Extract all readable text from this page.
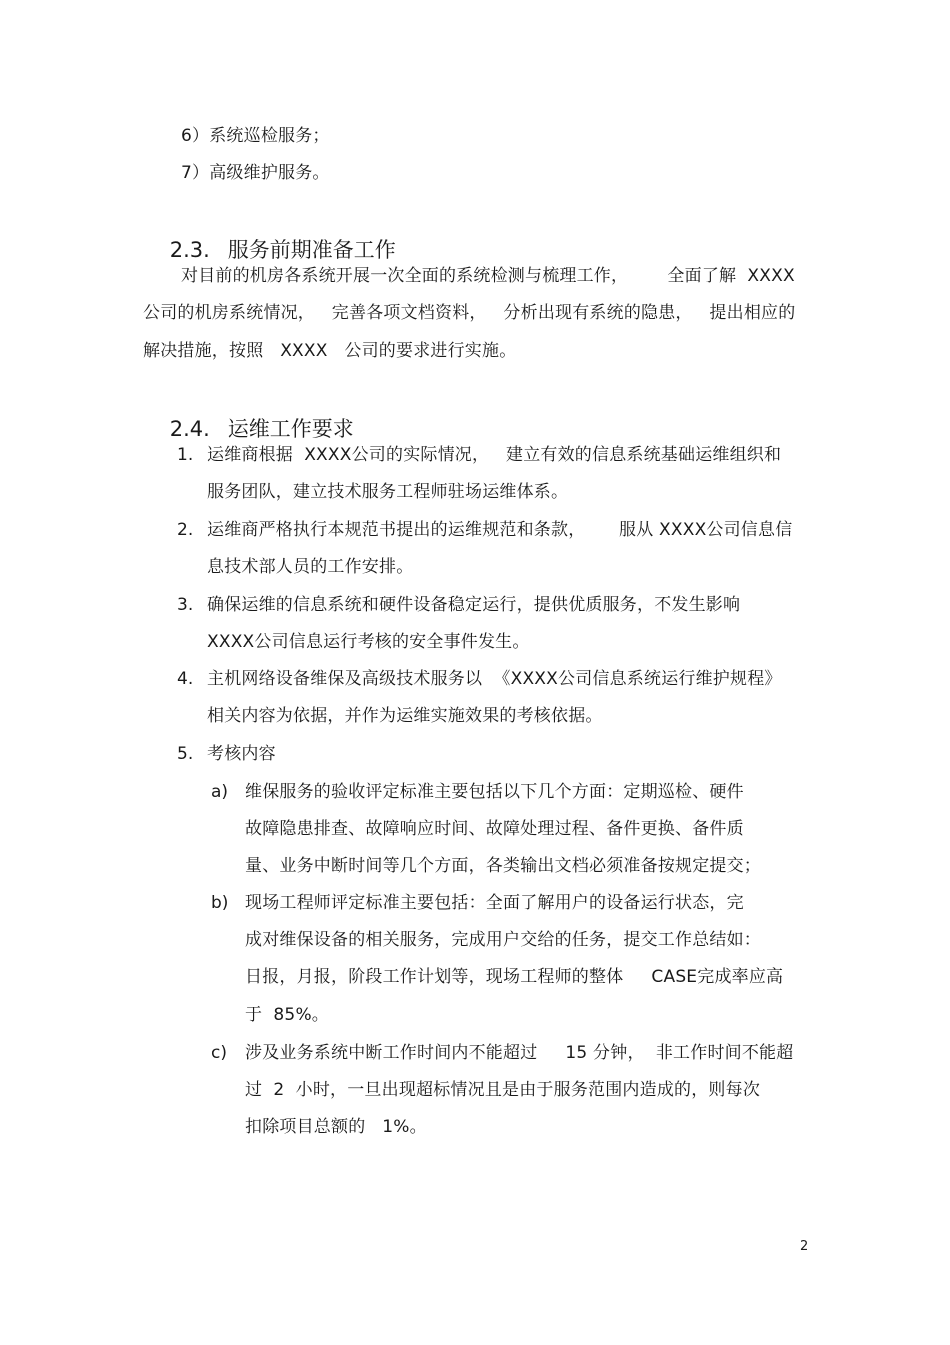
6）系统巡检服务；
7）高级维护服务。

2.3. 服务前期准备工作

对目前的机房各系统开展一次全面的系统检测与梳理工作，       全面了解  XXXX
公司的机房系统情况，   完善各项文档资料，   分析出现有系统的隐患，   提出相应的
解决措施，按照   XXXX   公司的要求进行实施。

2.4. 运维工作要求

1. 运维商根据  XXXX公司的实际情况，   建立有效的信息系统基础运维组织和
服务团队，建立技术服务工程师驻场运维体系。
2. 运维商严格执行本规范书提出的运维规范和条款，      服从 XXXX公司信息信
息技术部人员的工作安排。
3. 确保运维的信息系统和硬件设备稳定运行，提供优质服务，不发生影响
XXXX公司信息运行考核的安全事件发生。
4. 主机网络设备维保及高级技术服务以  《XXXX公司信息系统运行维护规程》
相关内容为依据，并作为运维实施效果的考核依据。
5. 考核内容
a) 维保服务的验收评定标准主要包括以下几个方面：定期巡检、硬件
故障隐患排查、故障响应时间、故障处理过程、备件更换、备件质
量、业务中断时间等几个方面，各类输出文档必须准备按规定提交；
b) 现场工程师评定标准主要包括：全面了解用户的设备运行状态，完
成对维保设备的相关服务，完成用户交给的任务，提交工作总结如：
日报，月报，阶段工作计划等，现场工程师的整体     CASE完成率应高
于  85%。
c) 涉及业务系统中断工作时间内不能超过     15 分钟，  非工作时间不能超
过  2  小时，一旦出现超标情况且是由于服务范围内造成的，则每次
扣除项目总额的   1%。
2
